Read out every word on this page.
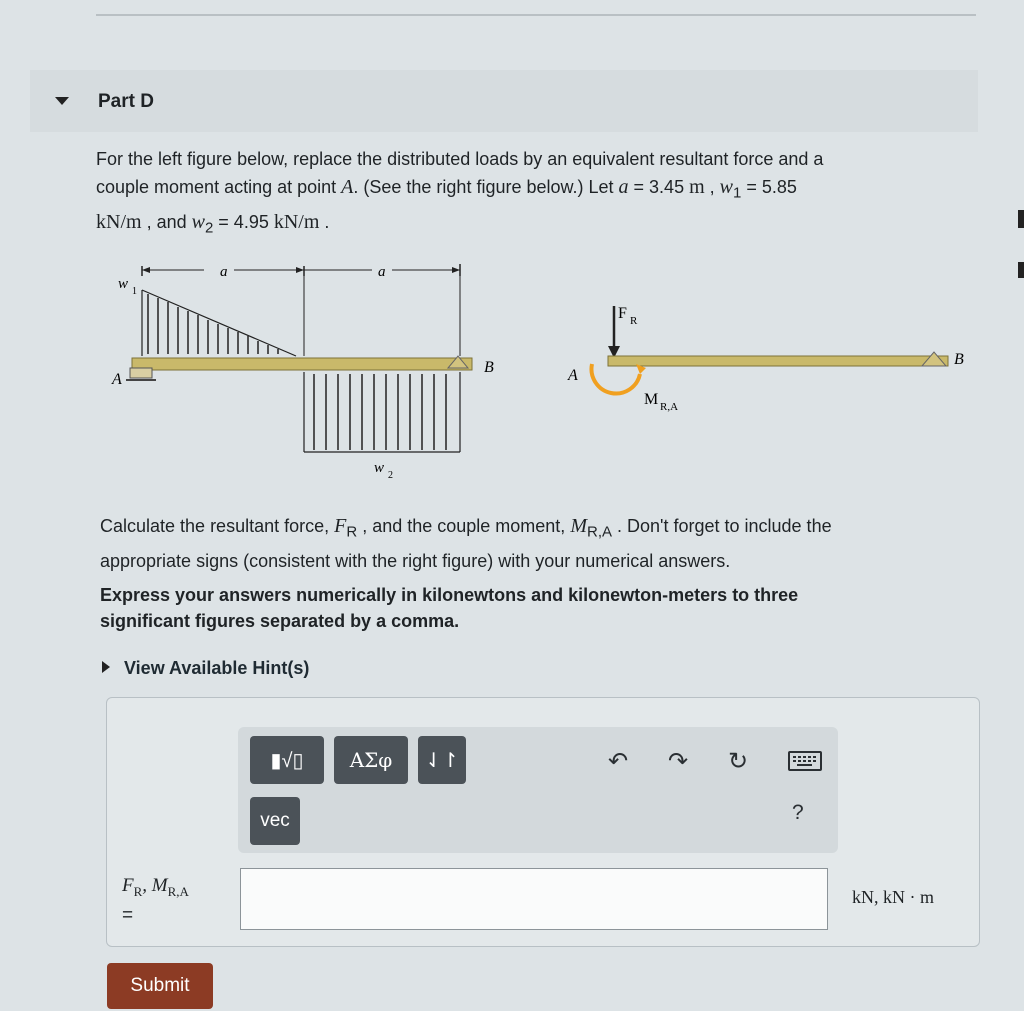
Part D
For the left figure below, replace the distributed loads by an equivalent resultant force and a
couple moment acting at point A. (See the right figure below.) Let a = 3.45 m , $w_1 = 5.85$
kN/m , and $w_2 = 4.95$ kN/m .
w 1
a	a
A
B
w 2
F R
A
M R,A
B
Calculate the resultant force, $F_R$ , and the couple moment, $M_{R,A}$ . Don't forget to include the
appropriate signs (consistent with the right figure) with your numerical answers.
Express your answers numerically in kilonewtons and kilonewton-meters to three
significant figures separated by a comma.
View Available Hint(s)
▮√▯	ΑΣφ	⇃↾
vec
↶ ↷ ↻
?
$F_R$, $M_{R,A}$
=
kN, kN · m
Submit
